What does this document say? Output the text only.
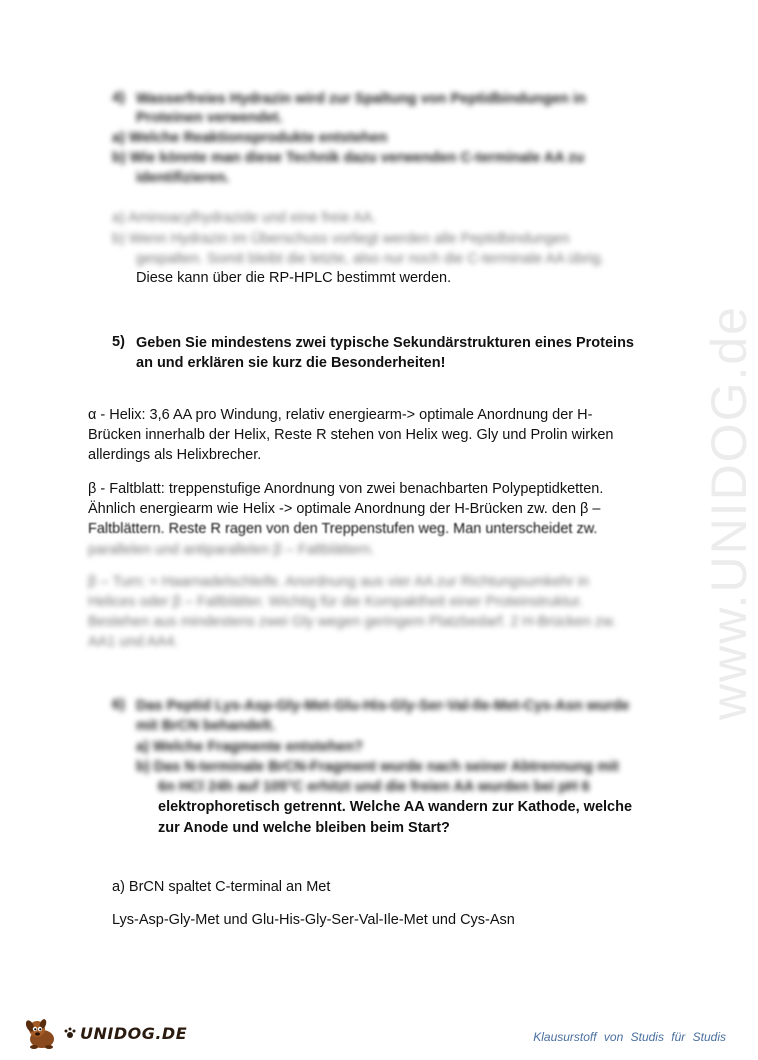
www.UNIDOG.de
4) Wasserfreies Hydrazin wird zur Spaltung von Peptidbindungen in
Proteinen verwendet.
a) Welche Reaktionsprodukte entstehen
b) Wie könnte man diese Technik dazu verwenden C-terminale AA zu
identifizieren.
a) Aminoacylhydrazide und eine freie AA.
b) Wenn Hydrazin im Überschuss vorliegt werden alle Peptidbindungen
gespalten. Somit bleibt die letzte, also nur noch die C-terminale AA übrig.
Diese kann über die RP-HPLC bestimmt werden.
5) Geben Sie mindestens zwei typische Sekundärstrukturen eines Proteins
an und erklären sie kurz die Besonderheiten!
α - Helix: 3,6 AA pro Windung, relativ energiearm-> optimale Anordnung der H-
Brücken innerhalb der Helix, Reste R stehen von Helix weg. Gly und Prolin wirken
allerdings als Helixbrecher.
β - Faltblatt: treppenstufige Anordnung von zwei benachbarten Polypeptidketten.
Ähnlich energiearm wie Helix -> optimale Anordnung der H-Brücken zw. den β –
Faltblättern. Reste R ragen von den Treppenstufen weg. Man unterscheidet zw.
parallelen und antiparallelen β – Faltblättern.
β – Turn: ≈ Haarnadelschleife. Anordnung aus vier AA zur Richtungsumkehr in
Helices oder β – Faltblätter. Wichtig für die Kompaktheit einer Proteinstruktur.
Bestehen aus mindestens zwei Gly wegen geringem Platzbedarf. 2 H-Brücken zw.
AA1 und AA4.
6) Das Peptid Lys-Asp-Gly-Met-Glu-His-Gly-Ser-Val-Ile-Met-Cys-Asn wurde
mit BrCN behandelt.
a) Welche Fragmente entstehen?
b) Das N-terminale BrCN-Fragment wurde nach seiner Abtrennung mit
6n HCl 24h auf 105°C erhitzt und die freien AA wurden bei pH 6
elektrophoretisch getrennt. Welche AA wandern zur Kathode, welche
zur Anode und welche bleiben beim Start?
a) BrCN spaltet C-terminal an Met
Lys-Asp-Gly-Met und Glu-His-Gly-Ser-Val-Ile-Met und Cys-Asn
UNIDOG.DE	Klausurstoff von Studis für Studis
